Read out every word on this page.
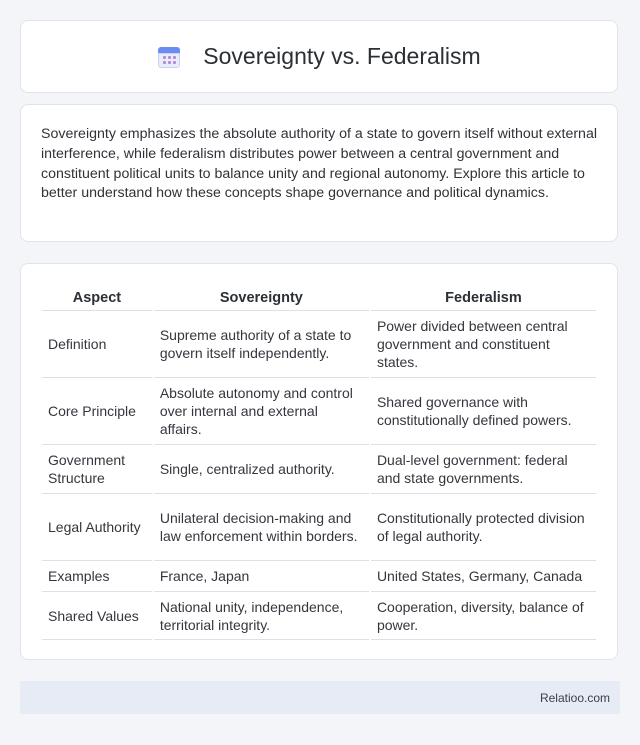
Sovereignty vs. Federalism

Sovereignty emphasizes the absolute authority of a state to govern itself without external interference, while federalism distributes power between a central government and constituent political units to balance unity and regional autonomy. Explore this article to better understand how these concepts shape governance and political dynamics.

Aspect	Sovereignty	Federalism
Definition	Supreme authority of a state to govern itself independently.	Power divided between central government and constituent states.
Core Principle	Absolute autonomy and control over internal and external affairs.	Shared governance with constitutionally defined powers.
Government Structure	Single, centralized authority.	Dual-level government: federal and state governments.
Legal Authority	Unilateral decision-making and law enforcement within borders.	Constitutionally protected division of legal authority.
Examples	France, Japan	United States, Germany, Canada
Shared Values	National unity, independence, territorial integrity.	Cooperation, diversity, balance of power.
Relatioo.com
